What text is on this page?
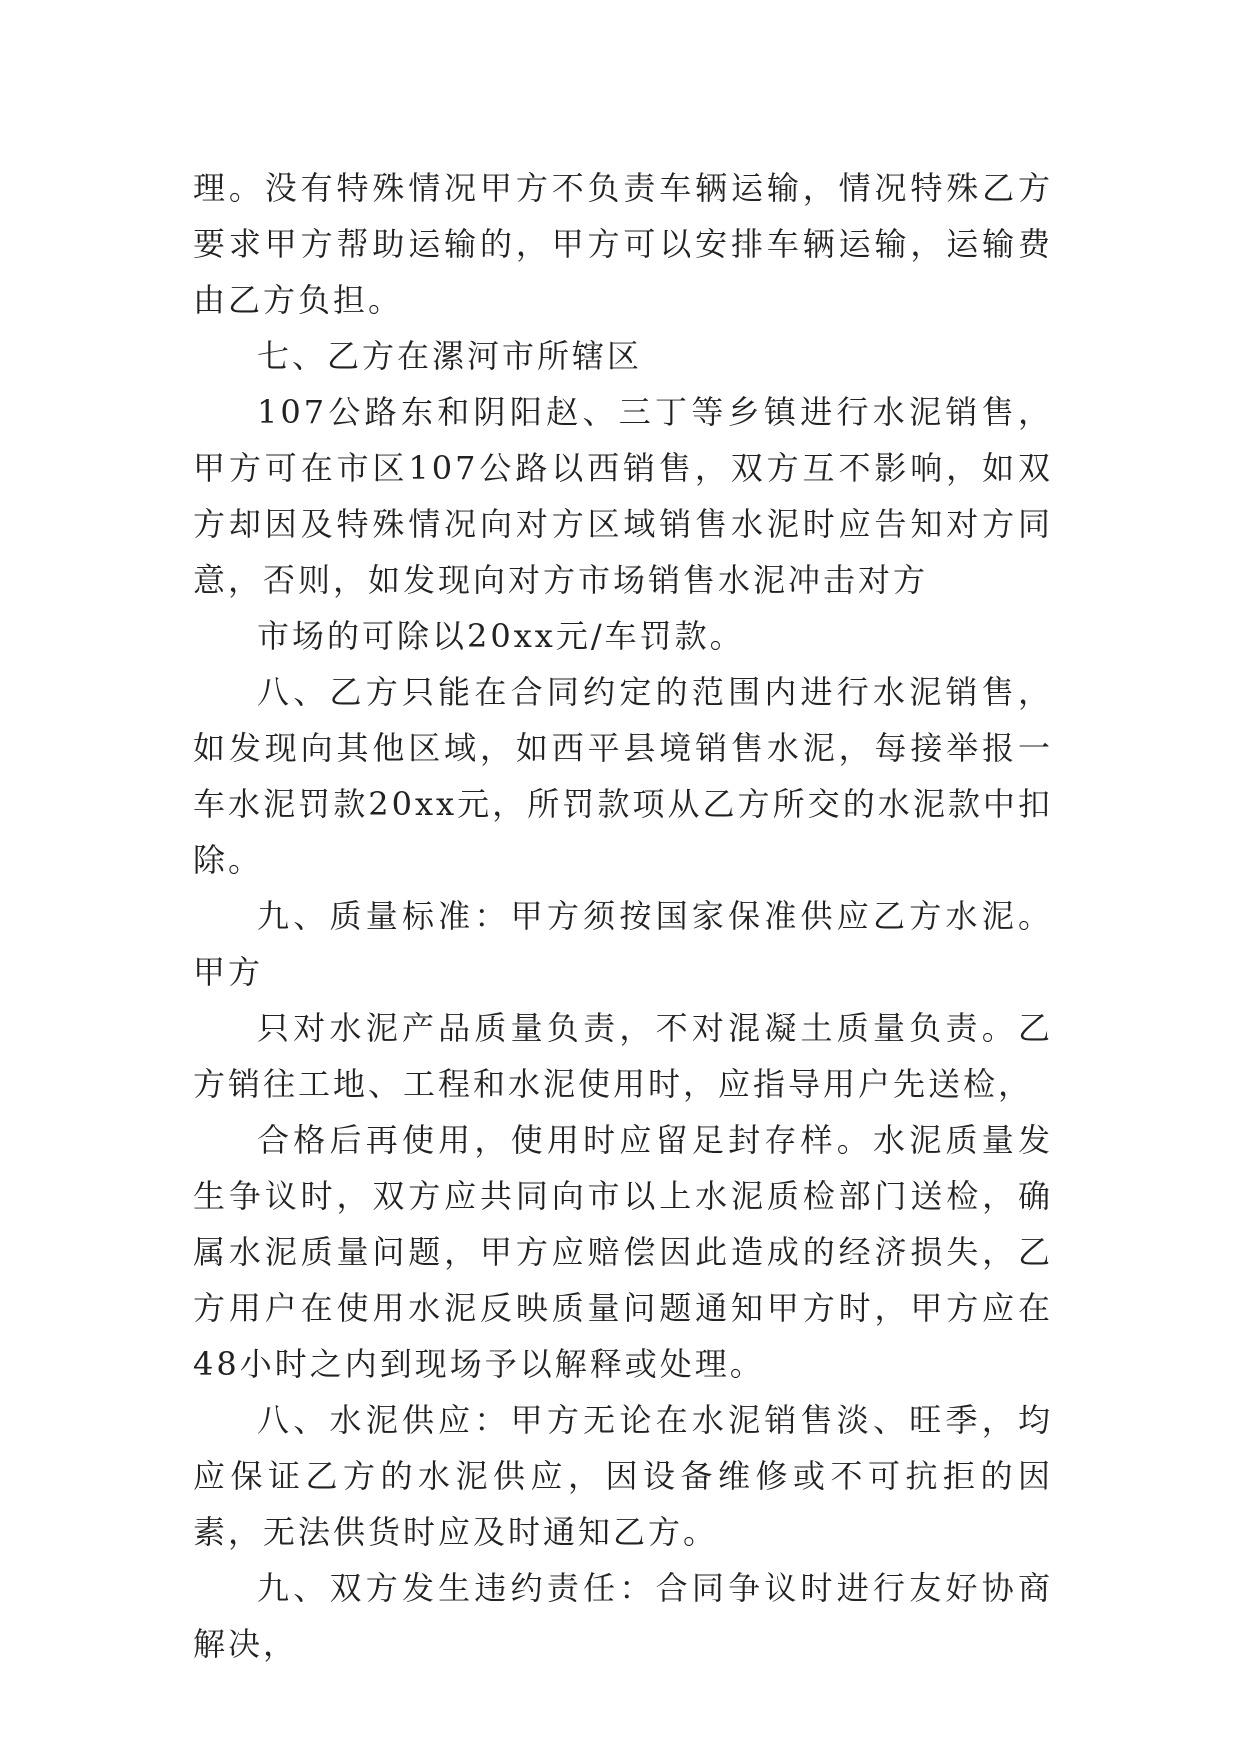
理。没有特殊情况甲方不负责车辆运输，情况特殊乙方要求甲方帮助运输的，甲方可以安排车辆运输，运输费由乙方负担。

七、乙方在漯河市所辖区

107公路东和阴阳赵、三丁等乡镇进行水泥销售，甲方可在市区107公路以西销售，双方互不影响，如双方却因及特殊情况向对方区域销售水泥时应告知对方同意，否则，如发现向对方市场销售水泥冲击对方

市场的可除以20xx元/车罚款。

八、乙方只能在合同约定的范围内进行水泥销售，如发现向其他区域，如西平县境销售水泥，每接举报一车水泥罚款20xx元，所罚款项从乙方所交的水泥款中扣除。

九、质量标准：甲方须按国家保准供应乙方水泥。甲方

只对水泥产品质量负责，不对混凝土质量负责。乙方销往工地、工程和水泥使用时，应指导用户先送检，

合格后再使用，使用时应留足封存样。水泥质量发生争议时，双方应共同向市以上水泥质检部门送检，确属水泥质量问题，甲方应赔偿因此造成的经济损失，乙方用户在使用水泥反映质量问题通知甲方时，甲方应在48小时之内到现场予以解释或处理。

八、水泥供应：甲方无论在水泥销售淡、旺季，均应保证乙方的水泥供应，因设备维修或不可抗拒的因素，无法供货时应及时通知乙方。

九、双方发生违约责任：合同争议时进行友好协商解决，
